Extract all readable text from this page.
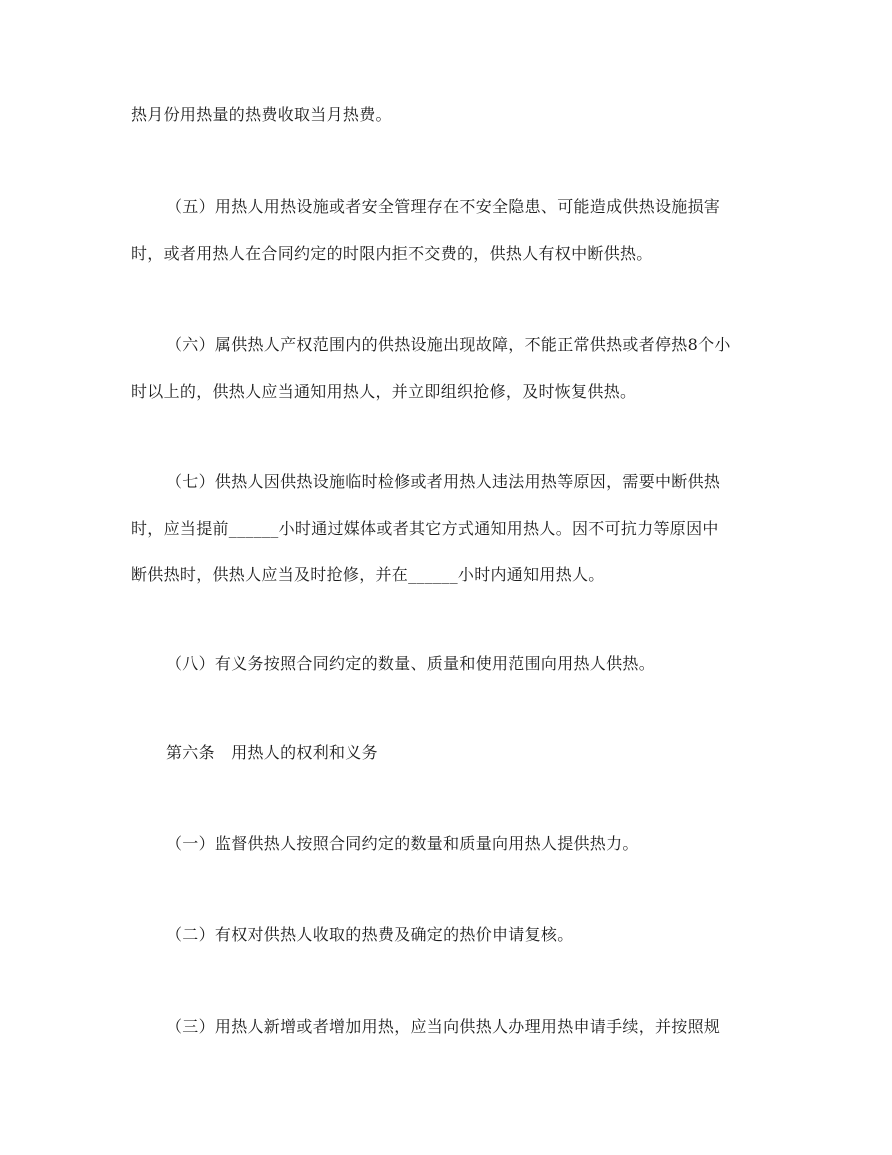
热月份用热量的热费收取当月热费。

（五）用热人用热设施或者安全管理存在不安全隐患、可能造成供热设施损害

时，或者用热人在合同约定的时限内拒不交费的，供热人有权中断供热。

（六）属供热人产权范围内的供热设施出现故障，不能正常供热或者停热8个小

时以上的，供热人应当通知用热人，并立即组织抢修，及时恢复供热。

（七）供热人因供热设施临时检修或者用热人违法用热等原因，需要中断供热

时，应当提前______小时通过媒体或者其它方式通知用热人。因不可抗力等原因中

断供热时，供热人应当及时抢修，并在______小时内通知用热人。

（八）有义务按照合同约定的数量、质量和使用范围向用热人供热。

第六条　用热人的权利和义务

（一）监督供热人按照合同约定的数量和质量向用热人提供热力。

（二）有权对供热人收取的热费及确定的热价申请复核。

（三）用热人新增或者增加用热，应当向供热人办理用热申请手续，并按照规
